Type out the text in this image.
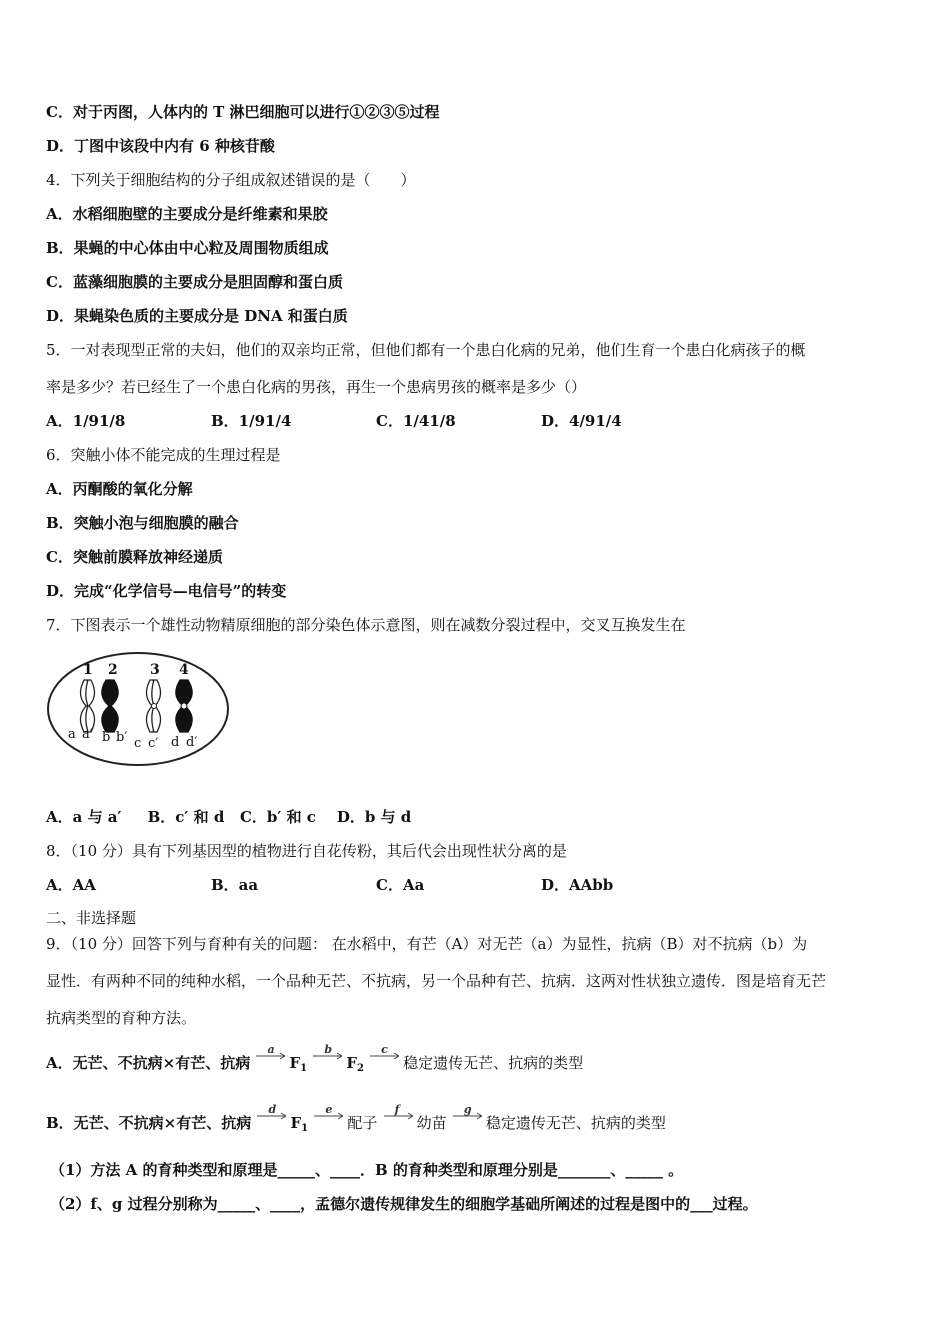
C．对于丙图，人体内的 T 淋巴细胞可以进行①②③⑤过程
D．丁图中该段中内有 6 种核苷酸
4．下列关于细胞结构的分子组成叙述错误的是（　　）
A．水稻细胞壁的主要成分是纤维素和果胶
B．果蝇的中心体由中心粒及周围物质组成
C．蓝藻细胞膜的主要成分是胆固醇和蛋白质
D．果蝇染色质的主要成分是 DNA 和蛋白质
5．一对表现型正常的夫妇，他们的双亲均正常，但他们都有一个患白化病的兄弟，他们生育一个患白化病孩子的概
率是多少？若已经生了一个患白化病的男孩，再生一个患病男孩的概率是多少（）
A．1/91/8	B．1/91/4	C．1/41/8	D．4/91/4
6．突触小体不能完成的生理过程是
A．丙酮酸的氧化分解
B．突触小泡与细胞膜的融合
C．突触前膜释放神经递质
D．完成“化学信号—电信号”的转变
7．下图表示一个雄性动物精原细胞的部分染色体示意图，则在减数分裂过程中，交叉互换发生在
1 2 3 4
a a′ b b′ c c′ d d′
A．a 与 a′ B．c′ 和 d C．b′ 和 c D．b 与 d
8．（10 分）具有下列基因型的植物进行自花传粉，其后代会出现性状分离的是
A．AA	B．aa	C．Aa	D．AAbb
二、非选择题
9．（10 分）回答下列与育种有关的问题： 在水稻中，有芒（A）对无芒（a）为显性，抗病（B）对不抗病（b）为
显性．有两种不同的纯种水稻，一个品种无芒、不抗病，另一个品种有芒、抗病．这两对性状独立遗传．图是培育无芒
抗病类型的育种方法。
A．无芒、不抗病×有芒、抗病
a
$F_1$
b
$F_2$
c
稳定遗传无芒、抗病的类型
B．无芒、不抗病×有芒、抗病
d
$F_1$
e
配子
f
幼苗
g
稳定遗传无芒、抗病的类型
（1）方法 A 的育种类型和原理是_____、____．B 的育种类型和原理分别是_______、_____ 。
（2）f、g 过程分别称为_____、____，孟德尔遗传规律发生的细胞学基础所阐述的过程是图中的___过程。
